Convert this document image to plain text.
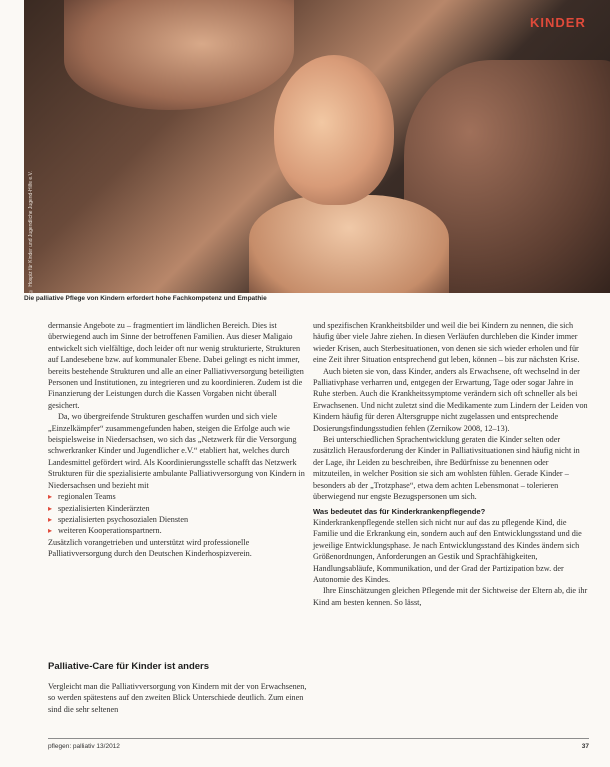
KINDER
© Hospiz für Kinder und Jugendliche Jugend-Hilfe e.V.
Die palliative Pflege von Kindern erfordert hohe Fachkompetenz und Empathie

dermansie Angebote zu – fragmentiert im ländlichen Bereich. Dies ist überwiegend auch im Sinne der betroffenen Familien. Aus dieser Maligaio entwickelt sich vielfältige, doch leider oft nur wenig strukturierte, Strukturen auf Landesebene bzw. auf kommunaler Ebene. Dabei gelingt es nicht immer, bereits bestehende Strukturen und alle an einer Palliativversorgung beteiligten Personen und Institutionen, zu integrieren und zu koordinieren. Zudem ist die Finanzierung der Leistungen durch die Kassen Vorgaben nicht überall gesichert.

Da, wo übergreifende Strukturen geschaffen wurden und sich viele „Einzelkämpfer“ zusammengefunden haben, steigen die Erfolge auch wie beispielsweise in Niedersachsen, wo sich das „Netzwerk für die Versorgung schwerkranker Kinder und Jugendlicher e.V.“ etabliert hat, welches durch Landesmittel gefördert wird. Als Koordinierungsstelle schafft das Netzwerk Strukturen für die spezialisierte ambulante Palliativversorgung von Kindern in Niedersachsen und bezieht mit

▸ regionalen Teams
▸ spezialisierten Kinderärzten
▸ spezialisierten psychosozialen Diensten
▸ weiteren Kooperationspartnern.

Zusätzlich vorangetrieben und unterstützt wird professionelle Palliativversorgung durch den Deutschen Kinderhospizverein.

Palliative-Care für Kinder ist anders

Vergleicht man die Palliativversorgung von Kindern mit der von Erwachsenen, so werden spätestens auf den zweiten Blick Unterschiede deutlich. Zum einen sind die sehr seltenen

und spezifischen Krankheitsbilder und weil die bei Kindern zu nennen, die sich häufig über viele Jahre ziehen. In diesen Verläufen durchleben die Kinder immer wieder Krisen, auch Sterbesituationen, von denen sie sich wieder erholen und für eine Zeit ihrer Situation entsprechend gut leben, können – bis zur nächsten Krise.

Auch bieten sie von, dass Kinder, anders als Erwachsene, oft wechselnd in der Palliativphase verharren und, entgegen der Erwartung, Tage oder sogar Jahre in Ruhe sterben. Auch die Krankheitssymptome verändern sich oft schneller als bei Erwachsenen. Und nicht zuletzt sind die Medikamente zum Lindern der Leiden von Kindern häufig für deren Altersgruppe nicht zugelassen und entsprechende Dosierungsfindungsstudien fehlen (Zernikow 2008, 12–13).

Bei unterschiedlichen Sprachentwicklung geraten die Kinder selten oder zusätzlich Herausforderung der Kinder in Palliativsituationen sind häufig nicht in der Lage, ihr Leiden zu beschreiben, ihre Bedürfnisse zu benennen oder mitzuteilen, in welcher Position sie sich am wohlsten fühlen. Gerade Kinder – besonders ab der „Trotzphase“, etwa dem achten Lebensmonat – tolerieren überwiegend nur engste Bezugspersonen um sich.

Was bedeutet das für Kinderkrankenpflegende?

Kinderkrankenpflegende stellen sich nicht nur auf das zu pflegende Kind, die Familie und die Erkrankung ein, sondern auch auf den Entwicklungsstand und die jeweilige Entwicklungsphase. Je nach Entwicklungsstand des Kindes ändern sich Größenordnungen, Anforderungen an Gestik und Sprachfähigkeiten, Handlungsabläufe, Kommunikation, und der Grad der Partizipation bzw. der Autonomie des Kindes.

Ihre Einschätzungen gleichen Pflegende mit der Sichtweise der Eltern ab, die ihr Kind am besten kennen. So lässt,

pflegen: palliativ 13/2012	37
